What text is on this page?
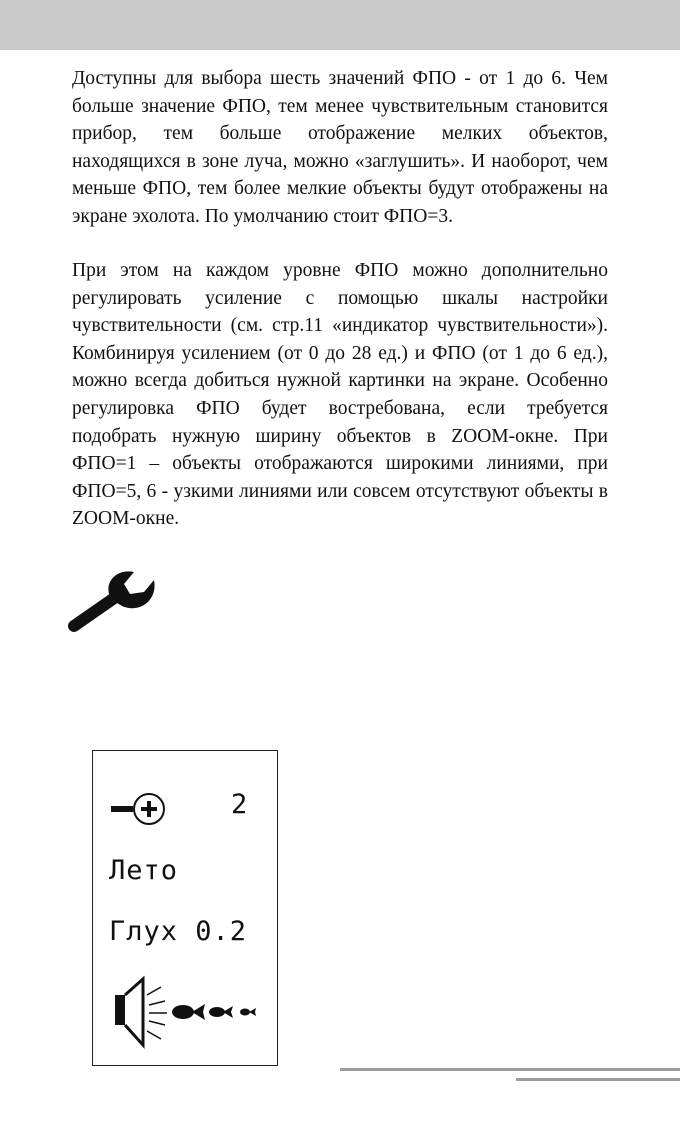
Доступны для выбора шесть значений ФПО - от 1 до 6. Чем больше значение ФПО, тем менее чувствительным становится прибор, тем больше отображение мелких объектов, находящихся в зоне луча, можно «заглушить». И наоборот, чем меньше ФПО, тем более мелкие объекты будут отображены на экране эхолота. По умолчанию стоит ФПО=3.

При этом на каждом уровне ФПО можно дополнительно регулировать усиление с помощью шкалы настройки чувствительности (см. стр.11 «индикатор чувствительности»). Комбинируя усилением (от 0 до 28 ед.) и ФПО (от 1 до 6 ед.), можно всегда добиться нужной картинки на экране. Особенно регулировка ФПО будет востребована, если требуется подобрать нужную ширину объектов в ZOOM-окне. При ФПО=1 – объекты отображаются широкими линиями, при ФПО=5, 6 - узкими линиями или совсем отсутствуют объекты в ZOOM-окне.

2
Лето
Глух 0.2
